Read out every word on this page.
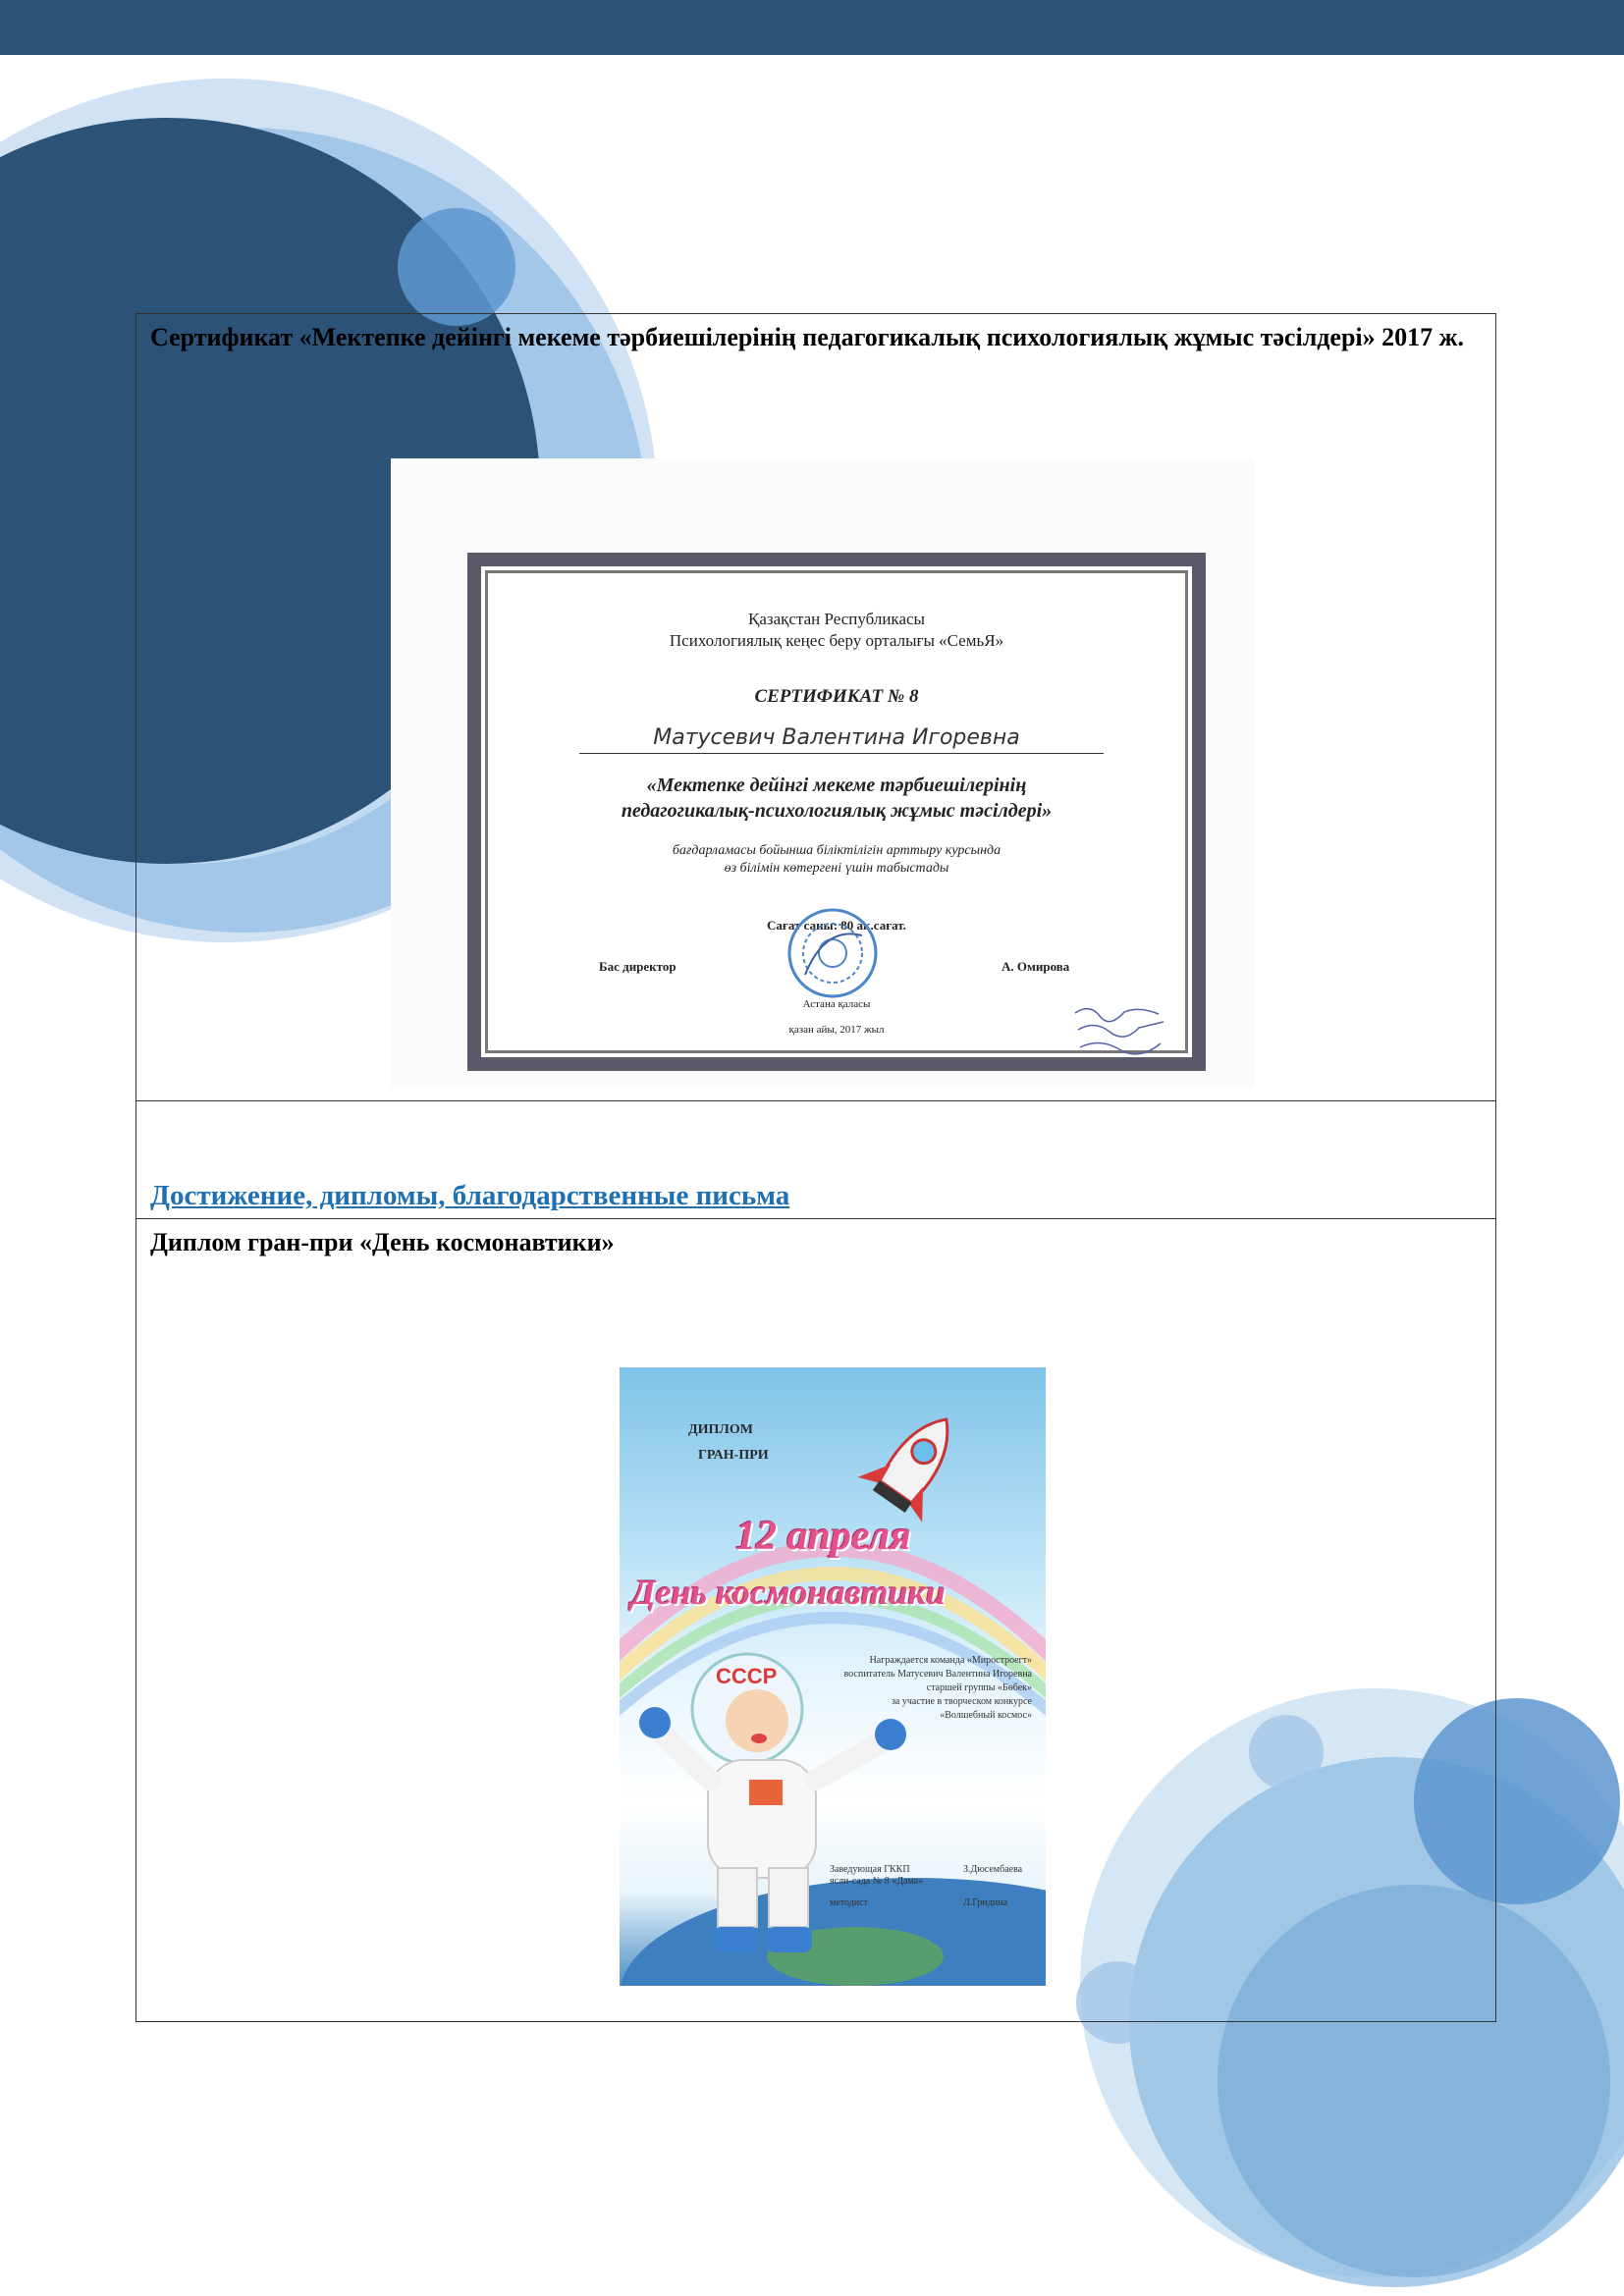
Сертификат «Мектепке дейінгі мекеме тәрбиешілерінің педагогикалық психологиялық жұмыс тәсілдері» 2017 ж.

Қазақстан Республикасы
Психологиялық кеңес беру орталығы «СемьЯ»
СЕРТИФИКАТ № 8
Матусевич Валентина Игоревна
«Мектепке дейінгі мекеме тәрбиешілерінің
педагогикалық-психологиялық жұмыс тәсілдері»
бағдарламасы бойынша біліктілігін арттыру курсында
өз білімін көтергені үшін табыстады
Сағат саны: 80 ақ.сағат.
Бас директор	А. Омирова
Астана қаласы
қазан айы, 2017 жыл

Достижение, дипломы, благодарственные письма

Диплом гран-при «День космонавтики»

СССР
ДИПЛОМ
ГРАН-ПРИ
12 апреля
День космонавтики
Награждается команда «Мироcтроeгт»
воспитатель Матусевич Валентина Игоревна
старшей группы «Бөбек»
за участие в творческом конкурсе
«Волшебный космос»
Заведующая ГККП
ясли-сада № 8 «Дама»
З.Дюсембаева
методист	Л.Гридина
